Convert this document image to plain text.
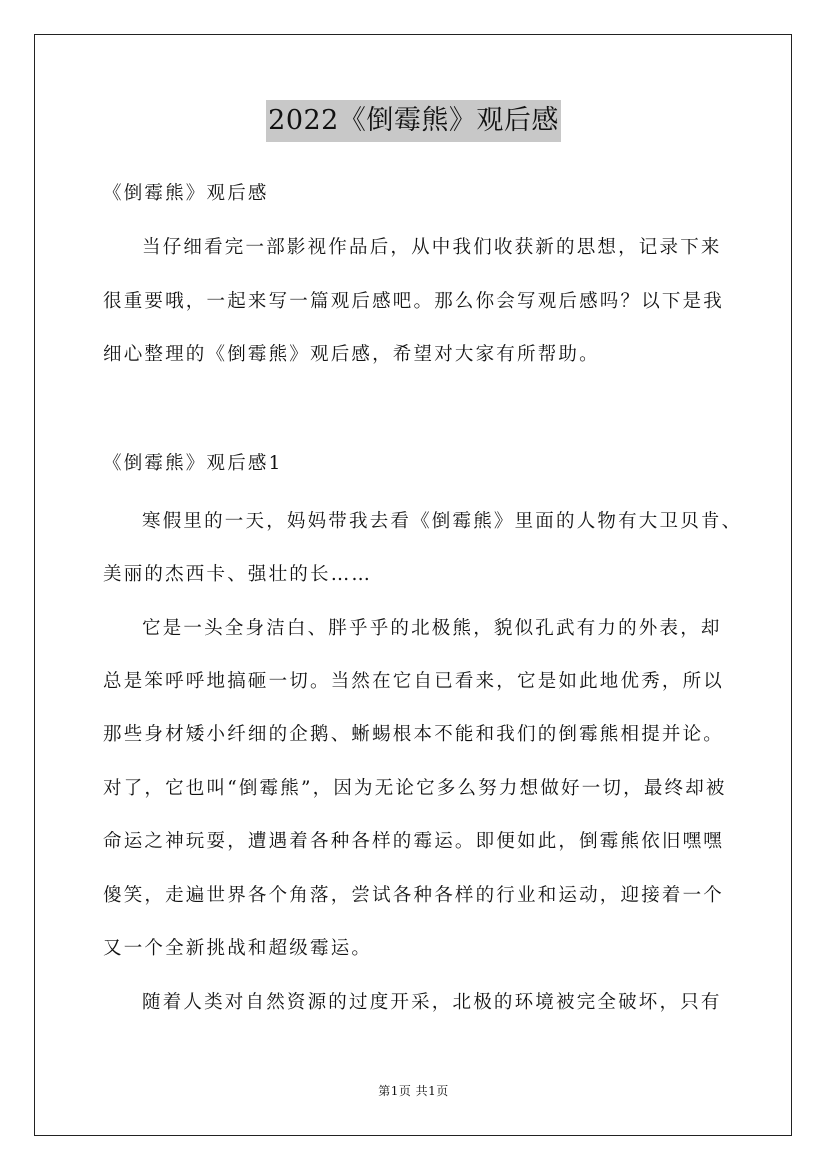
2022《倒霉熊》观后感
《倒霉熊》观后感
当仔细看完一部影视作品后，从中我们收获新的思想，记录下来
很重要哦，一起来写一篇观后感吧。那么你会写观后感吗？以下是我
细心整理的《倒霉熊》观后感，希望对大家有所帮助。
《倒霉熊》观后感1
寒假里的一天，妈妈带我去看《倒霉熊》里面的人物有大卫贝肯、
美丽的杰西卡、强壮的长……
它是一头全身洁白、胖乎乎的北极熊，貌似孔武有力的外表，却
总是笨呼呼地搞砸一切。当然在它自已看来，它是如此地优秀，所以
那些身材矮小纤细的企鹅、蜥蜴根本不能和我们的倒霉熊相提并论。
对了，它也叫“倒霉熊”，因为无论它多么努力想做好一切，最终却被
命运之神玩耍，遭遇着各种各样的霉运。即便如此，倒霉熊依旧嘿嘿
傻笑，走遍世界各个角落，尝试各种各样的行业和运动，迎接着一个
又一个全新挑战和超级霉运。
随着人类对自然资源的过度开采，北极的环境被完全破坏，只有
第1页 共1页
